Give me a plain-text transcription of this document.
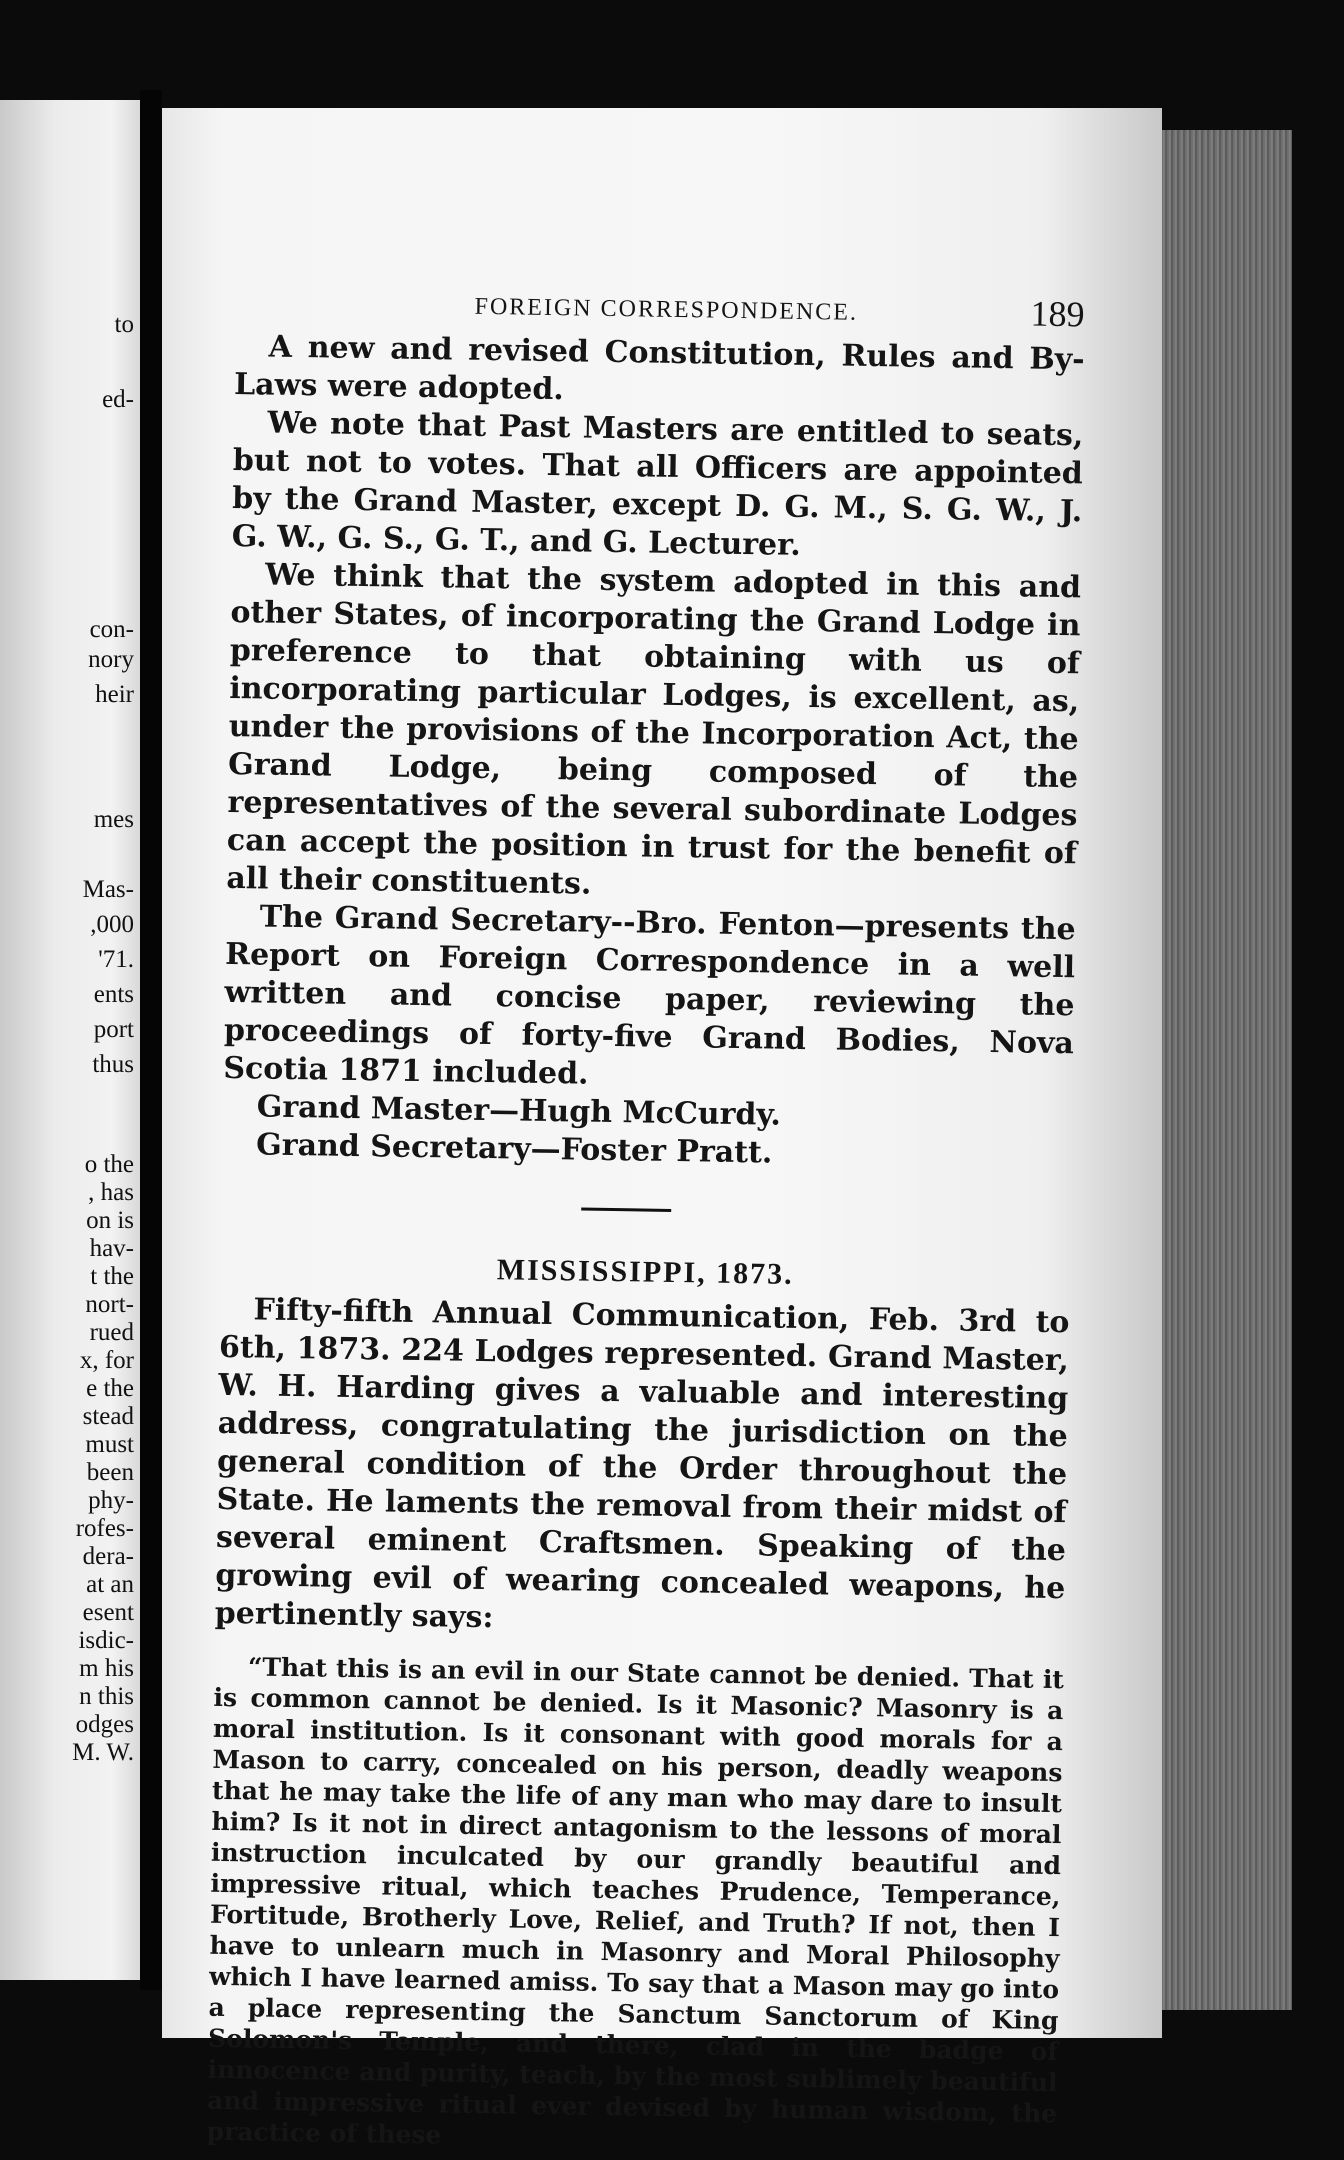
to
ed-
con-
nory
heir
mes
Mas-
,000
'71.
ents
port
thus
o the
, has
on is
hav-
t the
nort-
rued
x, for
e the
stead
must
been
phy-
rofes-
dera-
at an
esent
isdic-
m his
n this
odges
M. W.
FOREIGN CORRESPONDENCE.	189

A new and revised Constitution, Rules and By-Laws were adopted.

We note that Past Masters are entitled to seats, but not to votes. That all Officers are appointed by the Grand Master, except D. G. M., S. G. W., J. G. W., G. S., G. T., and G. Lecturer.

We think that the system adopted in this and other States, of incorporating the Grand Lodge in preference to that obtaining with us of incorporating particular Lodges, is excellent, as, under the provisions of the Incorporation Act, the Grand Lodge, being composed of the representatives of the several subordinate Lodges can accept the position in trust for the benefit of all their constituents.

The Grand Secretary--Bro. Fenton—presents the Report on Foreign Correspondence in a well written and concise paper, reviewing the proceedings of forty-five Grand Bodies, Nova Scotia 1871 included.

Grand Master—Hugh McCurdy.

Grand Secretary—Foster Pratt.

MISSISSIPPI, 1873.

Fifty-fifth Annual Communication, Feb. 3rd to 6th, 1873. 224 Lodges represented. Grand Master, W. H. Harding gives a valuable and interesting address, congratulating the jurisdiction on the general condition of the Order throughout the State. He laments the removal from their midst of several eminent Craftsmen. Speaking of the growing evil of wearing concealed weapons, he pertinently says:

“That this is an evil in our State cannot be denied. That it is common cannot be denied. Is it Masonic? Masonry is a moral institution. Is it consonant with good morals for a Mason to carry, concealed on his person, deadly weapons that he may take the life of any man who may dare to insult him? Is it not in direct antagonism to the lessons of moral instruction inculcated by our grandly beautiful and impressive ritual, which teaches Prudence, Temperance, Fortitude, Brotherly Love, Relief, and Truth? If not, then I have to unlearn much in Masonry and Moral Philosophy which I have learned amiss. To say that a Mason may go into a place representing the Sanctum Sanctorum of King Solomon's Temple, and there, clad in the badge of innocence and purity, teach, by the most sublimely beautiful and impressive ritual ever devised by human wisdom, the practice of these
